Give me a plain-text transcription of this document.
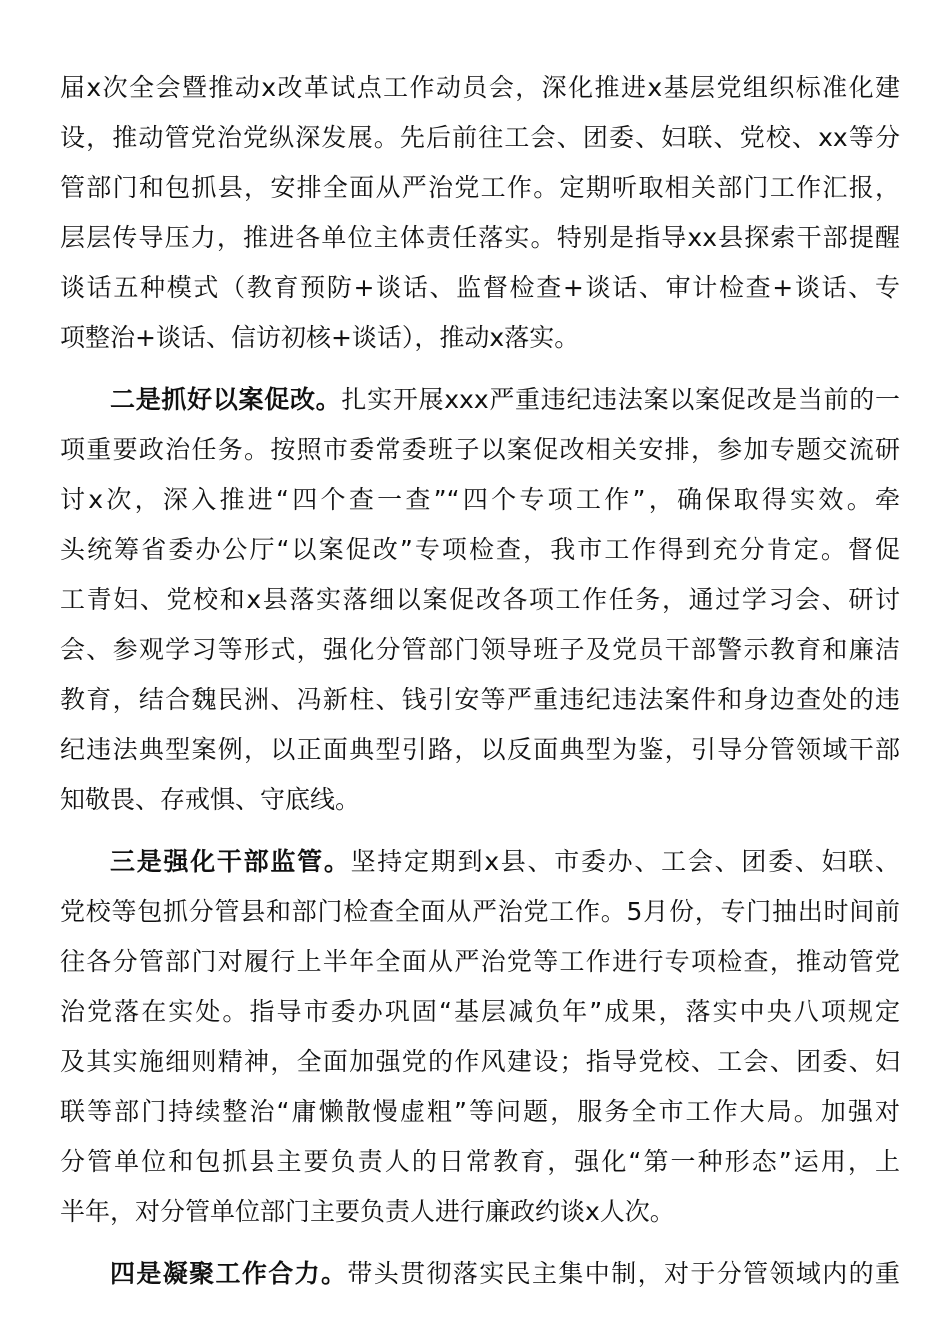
届x次全会暨推动x改革试点工作动员会，深化推进x基层党组织标准化建
设，推动管党治党纵深发展。先后前往工会、团委、妇联、党校、xx等分
管部门和包抓县，安排全面从严治党工作。定期听取相关部门工作汇报，
层层传导压力，推进各单位主体责任落实。特别是指导xx县探索干部提醒
谈话五种模式（教育预防+谈话、监督检查+谈话、审计检查+谈话、专
项整治+谈话、信访初核+谈话），推动x落实。
二是抓好以案促改。扎实开展xxx严重违纪违法案以案促改是当前的一
项重要政治任务。按照市委常委班子以案促改相关安排，参加专题交流研
讨x次，深入推进“四个查一查”“四个专项工作”，确保取得实效。牵
头统筹省委办公厅“以案促改”专项检查，我市工作得到充分肯定。督促
工青妇、党校和x县落实落细以案促改各项工作任务，通过学习会、研讨
会、参观学习等形式，强化分管部门领导班子及党员干部警示教育和廉洁
教育，结合魏民洲、冯新柱、钱引安等严重违纪违法案件和身边查处的违
纪违法典型案例，以正面典型引路，以反面典型为鉴，引导分管领域干部
知敬畏、存戒惧、守底线。
三是强化干部监管。坚持定期到x县、市委办、工会、团委、妇联、
党校等包抓分管县和部门检查全面从严治党工作。5月份，专门抽出时间前
往各分管部门对履行上半年全面从严治党等工作进行专项检查，推动管党
治党落在实处。指导市委办巩固“基层减负年”成果，落实中央八项规定
及其实施细则精神，全面加强党的作风建设；指导党校、工会、团委、妇
联等部门持续整治“庸懒散慢虚粗”等问题，服务全市工作大局。加强对
分管单位和包抓县主要负责人的日常教育，强化“第一种形态”运用，上
半年，对分管单位部门主要负责人进行廉政约谈x人次。
四是凝聚工作合力。带头贯彻落实民主集中制，对于分管领域内的重
